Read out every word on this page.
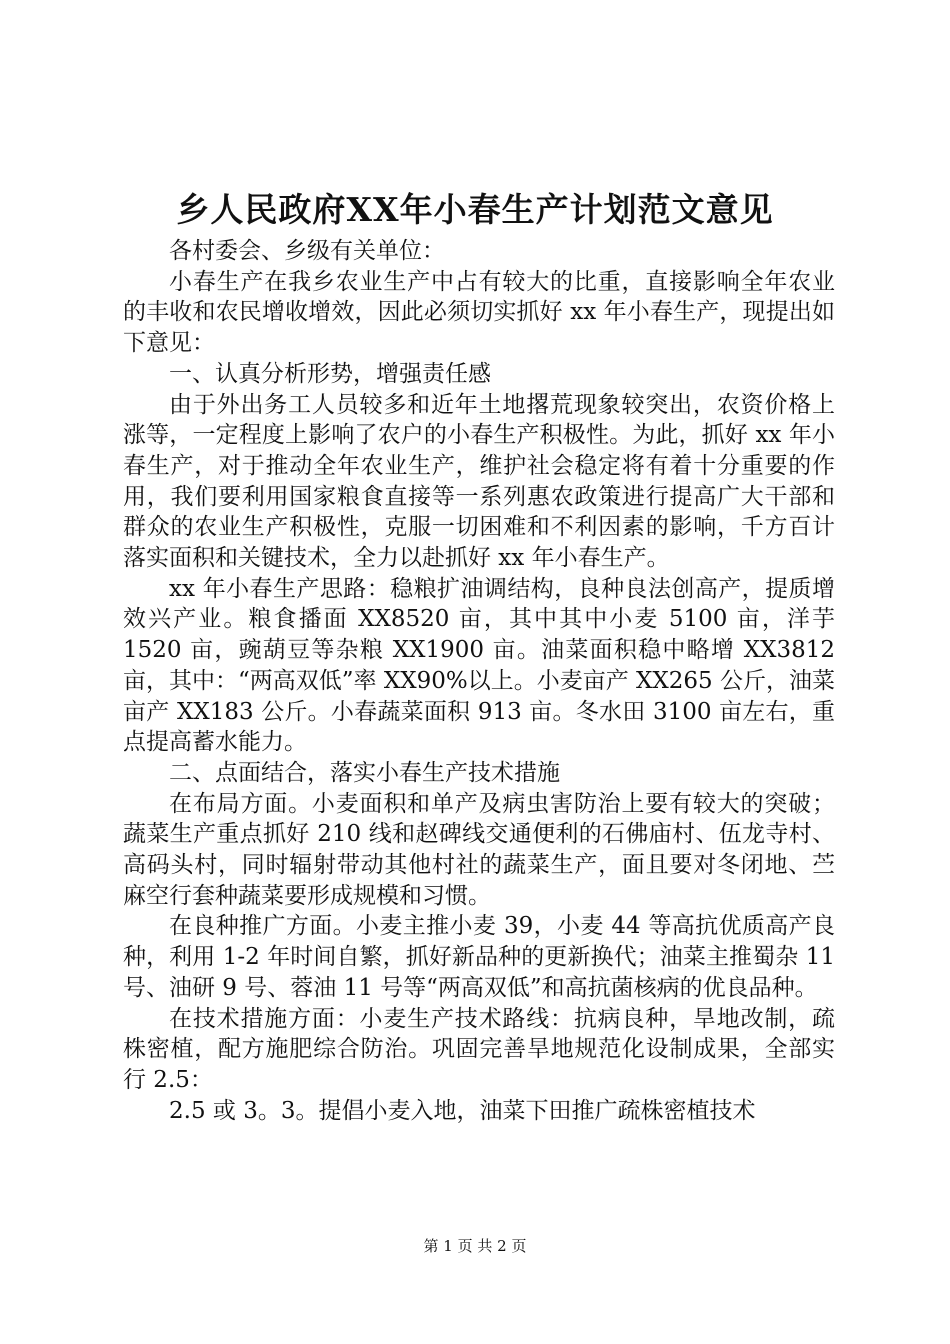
乡人民政府XX年小春生产计划范文意见

各村委会、乡级有关单位：

小春生产在我乡农业生产中占有较大的比重，直接影响全年农业的丰收和农民增收增效，因此必须切实抓好 xx 年小春生产，现提出如下意见：

一、认真分析形势，增强责任感

由于外出务工人员较多和近年土地撂荒现象较突出，农资价格上涨等，一定程度上影响了农户的小春生产积极性。为此，抓好 xx 年小春生产，对于推动全年农业生产，维护社会稳定将有着十分重要的作用，我们要利用国家粮食直接等一系列惠农政策进行提高广大干部和群众的农业生产积极性，克服一切困难和不利因素的影响，千方百计落实面积和关键技术，全力以赴抓好 xx 年小春生产。

xx 年小春生产思路：稳粮扩油调结构，良种良法创高产，提质增效兴产业。粮食播面 XX8520 亩，其中其中小麦 5100 亩，洋芋 1520 亩，豌葫豆等杂粮 XX1900 亩。油菜面积稳中略增 XX3812 亩，其中：“两高双低”率 XX90%以上。小麦亩产 XX265 公斤，油菜亩产 XX183 公斤。小春蔬菜面积 913 亩。冬水田 3100 亩左右，重点提高蓄水能力。

二、点面结合，落实小春生产技术措施

在布局方面。小麦面积和单产及病虫害防治上要有较大的突破；蔬菜生产重点抓好 210 线和赵碑线交通便利的石佛庙村、伍龙寺村、高码头村，同时辐射带动其他村社的蔬菜生产，面且要对冬闭地、苎麻空行套种蔬菜要形成规模和习惯。

在良种推广方面。小麦主推小麦 39，小麦 44 等高抗优质高产良种，利用 1-2 年时间自繁，抓好新品种的更新换代；油菜主推蜀杂 11 号、油研 9 号、蓉油 11 号等“两高双低”和高抗菌核病的优良品种。

在技术措施方面：小麦生产技术路线：抗病良种，旱地改制，疏株密植，配方施肥综合防治。巩固完善旱地规范化设制成果，全部实行 2.5：

2.5 或 3。3。提倡小麦入地，油菜下田推广疏株密植技术

第 1 页 共 2 页
